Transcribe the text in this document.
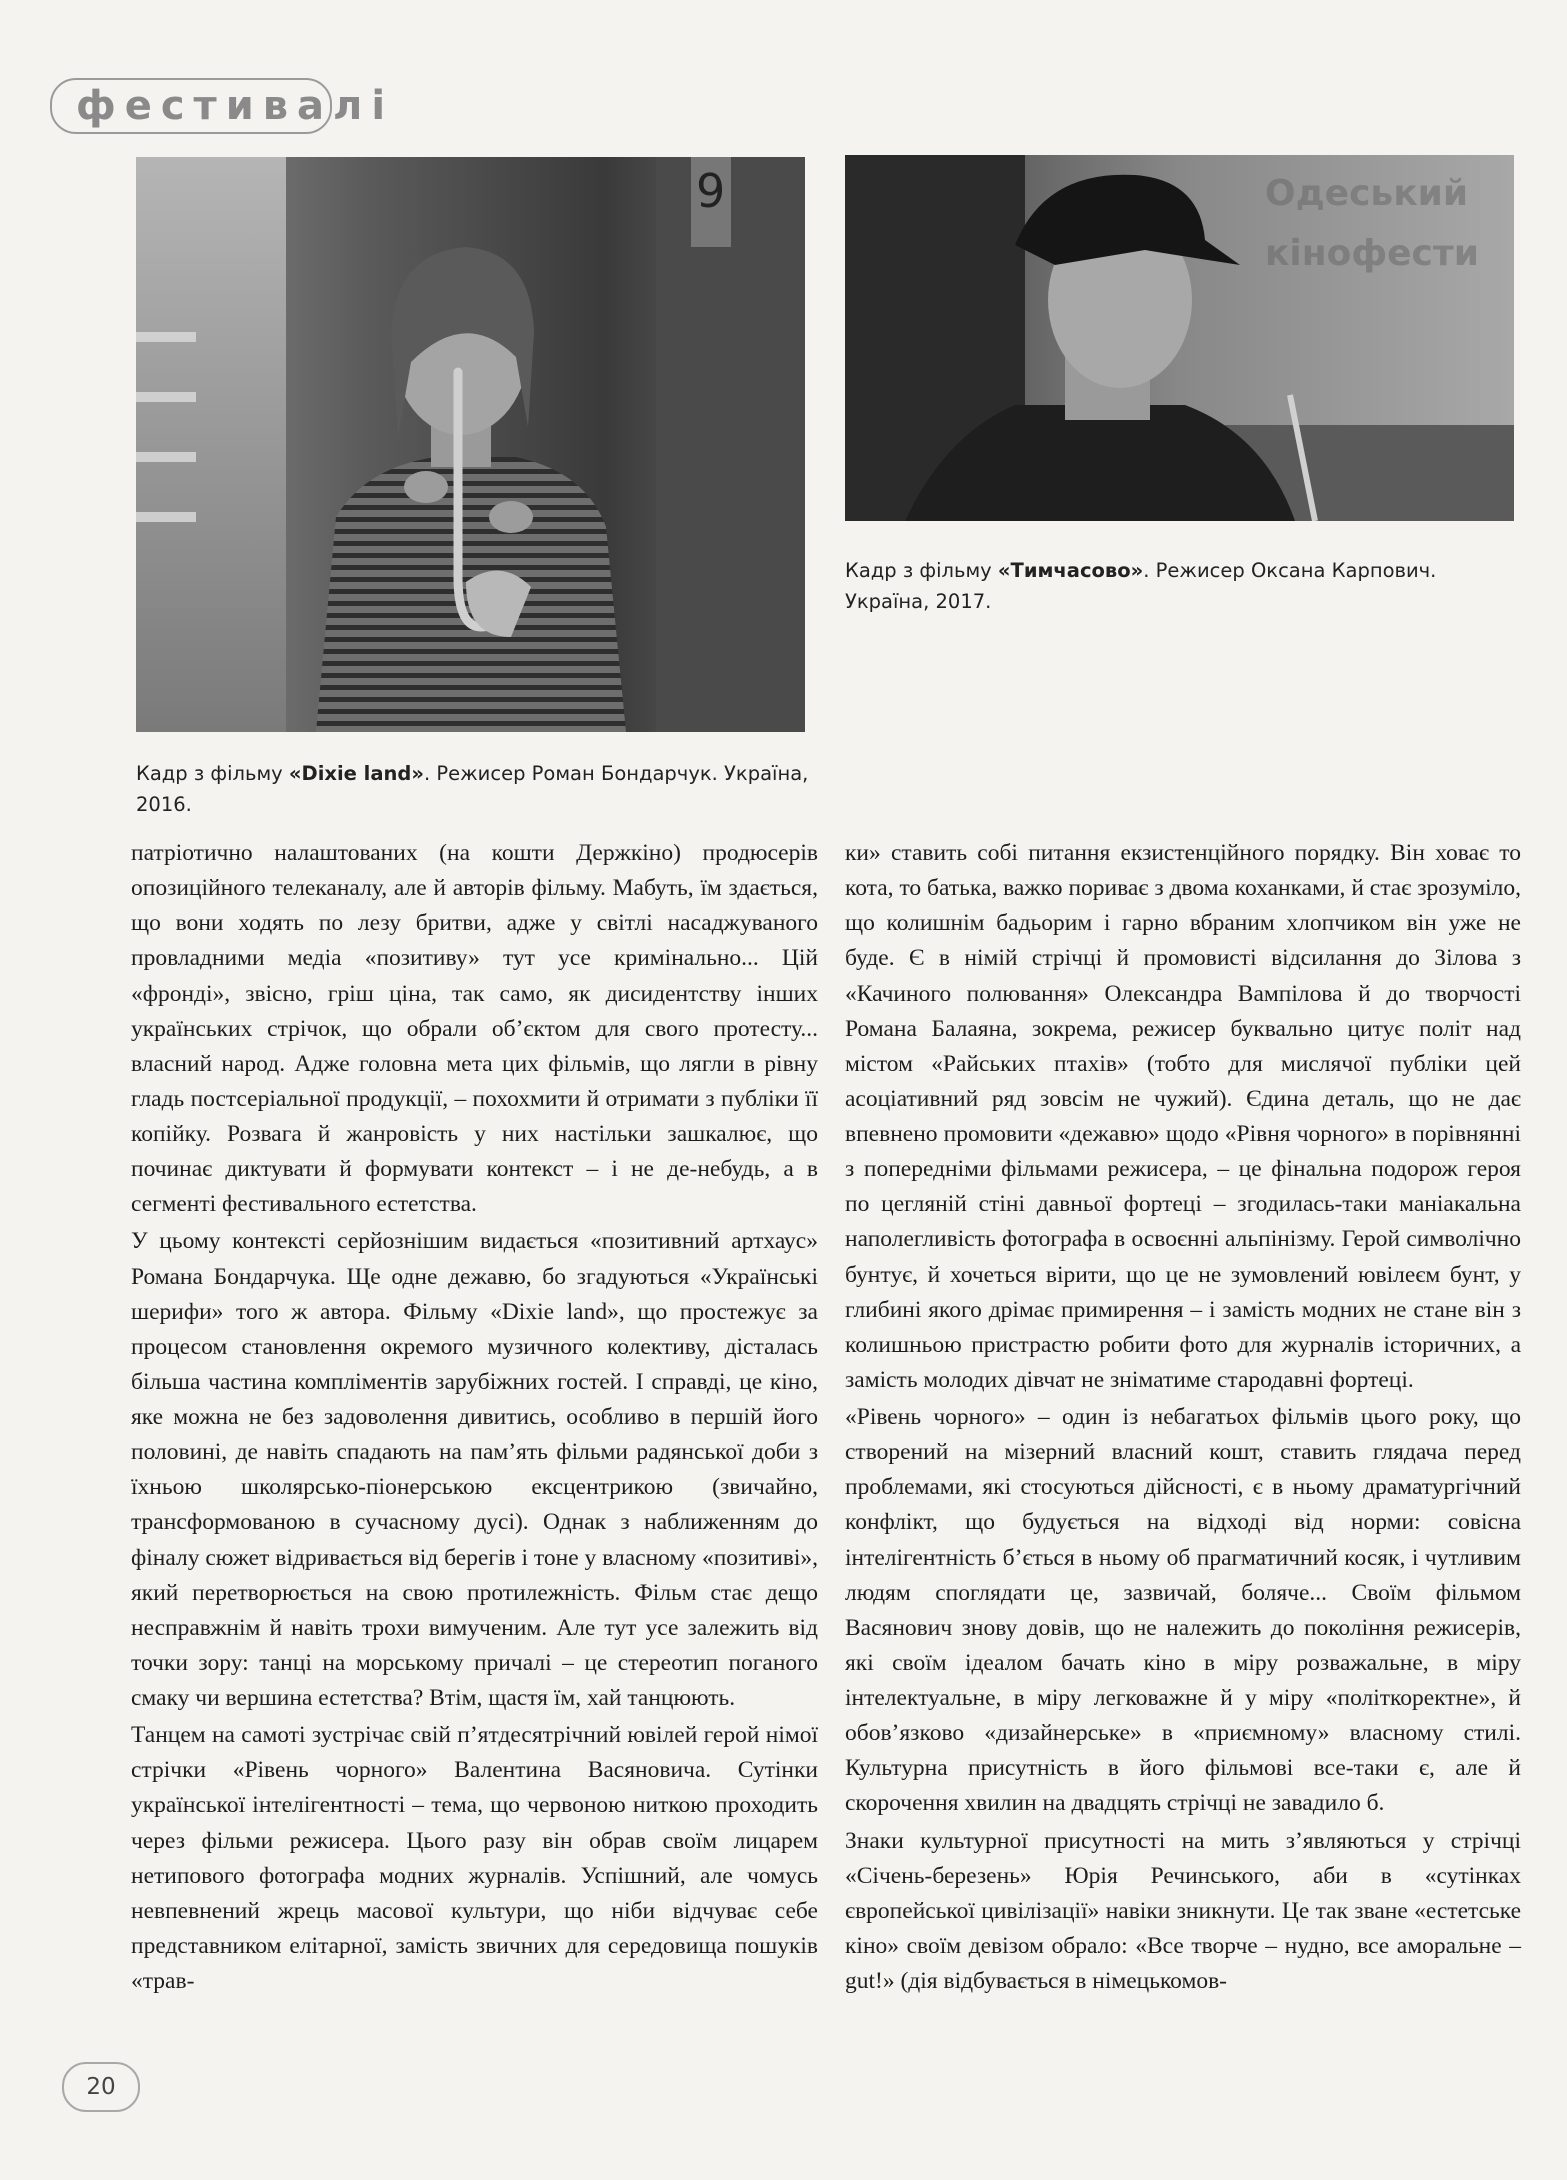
фестивалі
9	Одеський
кінофести
Кадр з фільму «Тимчасово». Режисер Оксана Карпович. Україна, 2017.
Кадр з фільму «Dixie land». Режисер Роман Бондарчук. Україна, 2016.

патріотично налаштованих (на кошти Держкіно) продюсерів опозиційного телеканалу, але й авторів фільму. Мабуть, їм здається, що вони ходять по лезу бритви, адже у світлі насаджуваного провладними медіа «позитиву» тут усе кримінально... Цій «фронді», звісно, гріш ціна, так само, як дисидентству інших українських стрічок, що обрали об’єктом для свого протесту... власний народ. Адже головна мета цих фільмів, що лягли в рівну гладь постсеріальної продукції, – похохмити й отримати з публіки її копійку. Розвага й жанровість у них настільки зашкалює, що починає диктувати й формувати контекст – і не де-небудь, а в сегменті фестивального естетства.

У цьому контексті серйознішим видається «позитивний артхаус» Романа Бондарчука. Ще одне дежавю, бо згадуються «Українські шерифи» того ж автора. Фільму «Dixie land», що простежує за процесом становлення окремого музичного колективу, дісталась більша частина компліментів зарубіжних гостей. І справді, це кіно, яке можна не без задоволення дивитись, особливо в першій його половині, де навіть спадають на пам’ять фільми радянської доби з їхньою школярсько-піонерською ексцентрикою (звичайно, трансформованою в сучасному дусі). Однак з наближенням до фіналу сюжет відривається від берегів і тоне у власному «позитиві», який перетворюється на свою протилежність. Фільм стає дещо несправжнім й навіть трохи вимученим. Але тут усе залежить від точки зору: танці на морському причалі – це стереотип поганого смаку чи вершина естетства? Втім, щастя їм, хай танцюють.

Танцем на самоті зустрічає свій п’ятдесятрічний ювілей герой німої стрічки «Рівень чорного» Валентина Васяновича. Сутінки української інтелігентності – тема, що червоною ниткою проходить через фільми режисера. Цього разу він обрав своїм лицарем нетипового фотографа модних журналів. Успішний, але чомусь невпевнений жрець масової культури, що ніби відчуває себе представником елітарної, замість звичних для середовища пошуків «трав-

ки» ставить собі питання екзистенційного порядку. Він ховає то кота, то батька, важко пориває з двома коханками, й стає зрозуміло, що колишнім бадьорим і гарно вбраним хлопчиком він уже не буде. Є в німій стрічці й промовисті відсилання до Зілова з «Качиного полювання» Олександра Вампілова й до творчості Романа Балаяна, зокрема, режисер буквально цитує політ над містом «Райських птахів» (тобто для мислячої публіки цей асоціативний ряд зовсім не чужий). Єдина деталь, що не дає впевнено промовити «дежавю» щодо «Рівня чорного» в порівнянні з попередніми фільмами режисера, – це фінальна подорож героя по цегляній стіні давньої фортеці – згодилась-таки маніакальна наполегливість фотографа в освоєнні альпінізму. Герой символічно бунтує, й хочеться вірити, що це не зумовлений ювілеєм бунт, у глибині якого дрімає примирення – і замість модних не стане він з колишньою пристрастю робити фото для журналів історичних, а замість молодих дівчат не зніматиме стародавні фортеці.

«Рівень чорного» – один із небагатьох фільмів цього року, що створений на мізерний власний кошт, ставить глядача перед проблемами, які стосуються дійсності, є в ньому драматургічний конфлікт, що будується на відході від норми: совісна інтелігентність б’ється в ньому об прагматичний косяк, і чутливим людям споглядати це, зазвичай, боляче... Своїм фільмом Васянович знову довів, що не належить до покоління режисерів, які своїм ідеалом бачать кіно в міру розважальне, в міру інтелектуальне, в міру легковажне й у міру «політкоректне», й обов’язково «дизайнерське» в «приємному» власному стилі. Культурна присутність в його фільмові все-таки є, але й скорочення хвилин на двадцять стрічці не завадило б.

Знаки культурної присутності на мить з’являються у стрічці «Січень-березень» Юрія Речинського, аби в «сутінках європейської цивілізації» навіки зникнути. Це так зване «естетське кіно» своїм девізом обрало: «Все творче – нудно, все аморальне – gut!» (дія відбувається в німецькомов-

20
